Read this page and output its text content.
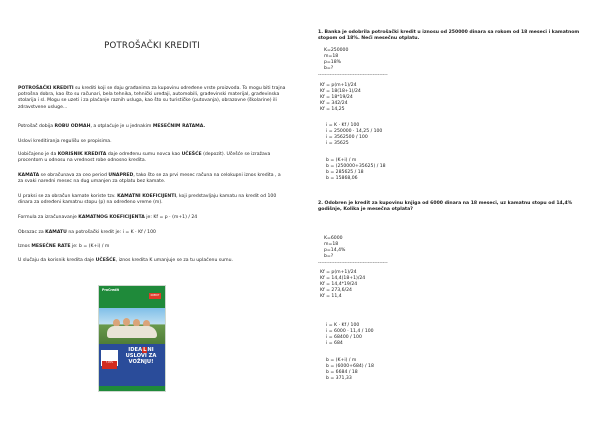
POTROŠAČKI KREDITI
POTROŠAČKI KREDITI su krediti koji se daju građanima za kupovinu određene vrste proizvoda. To mogu biti trajna potrošna dobra, kao što su računari, bela tehnika, tehnički uređaji, automobili, građevinski materijal, građevinska stolarija i sl. Mogu se uzeti i za plaćanje raznih usluga, kao što su turističke (putovanja), obrazovne (školarine) ili zdravstvene usluge...
Potrošač dobija ROBU ODMAH, a otplaćuje je u jednakim MESEČNIM RATAMA.
Uslovi kreditiranja regulišu se propisima.
Uobičajeno je da KORISNIK KREDITA daje određenu sumu novca kao UČEŠĆE (depozit). Učešće se izražava procentom u odnosu na vrednost robe odnosno kredita.
KAMATA se obračunava za ceo period UNAPRED, tako što se za prvi mesec računa na celokupni iznos kredita , a za svaki naredni mesec na dug umanjen za otplatu bez kamate.
U praksi se za obračun kamate koriste tzv. KAMATNI KOEFICIJENTI, koji predstavljaju kamatu na kredit od 100 dinara za određeni kamatnu stopu (p) na određeno vreme (m).
Formula za izračunavanje KAMATNOG KOEFICIJENTA je: Kf = p · (m+1) / 24
Obrazac za KAMATU na potrošački kredit je: i = K · Kf / 100
Iznos MESEČNE RATE je: b = (K+i) / m
U slučaju da korisnik kredita daje UČEŠĆE, iznos kredita K umanjuje se za tu uplaćenu sumu.
ProCredit
KREDIT
7,45%
IDEALNI
USLOVI ZA
VOŽNJU!
1. Banka je odobrila potrošački kredit u iznosu od 250000 dinara sa rokom od 18 meseci i kamatnom stopom od 18%. Neći mesečnu otplatu.
K=250000
m=18
p=18%
b=?
------------------------------------------
Kf = p(m+1)/24
Kf = 18(18+1)/24
Kf = 18*19/24
Kf = 342/24
Kf = 14,25
i = K · Kf / 100
i = 250000 · 14,25 / 100
i = 3562500 / 100
i = 35625
b = (K+i) / m
b = (250000+35625) / 18
b = 285625 / 18
b = 15868,06
2. Odobren je kredit za kupovinu knjiga od 6000 dinara na 18 meseci, uz kamatnu stopu od 14,4% godišnje, Kolika je mesečna otplata?
K=6000
m=18
p=14,4%
b=?
------------------------------------------
Kf = p(m+1)/24
Kf = 14,4(18+1)/24
Kf = 14,4*19/24
Kf = 273,6/24
Kf = 11,4
i = K · Kf / 100
i = 6000 · 11,4 / 100
i = 68400 / 100
i = 684
b = (K+i) / m
b = (6000+684) / 18
b = 6684 / 18
b = 371,33
